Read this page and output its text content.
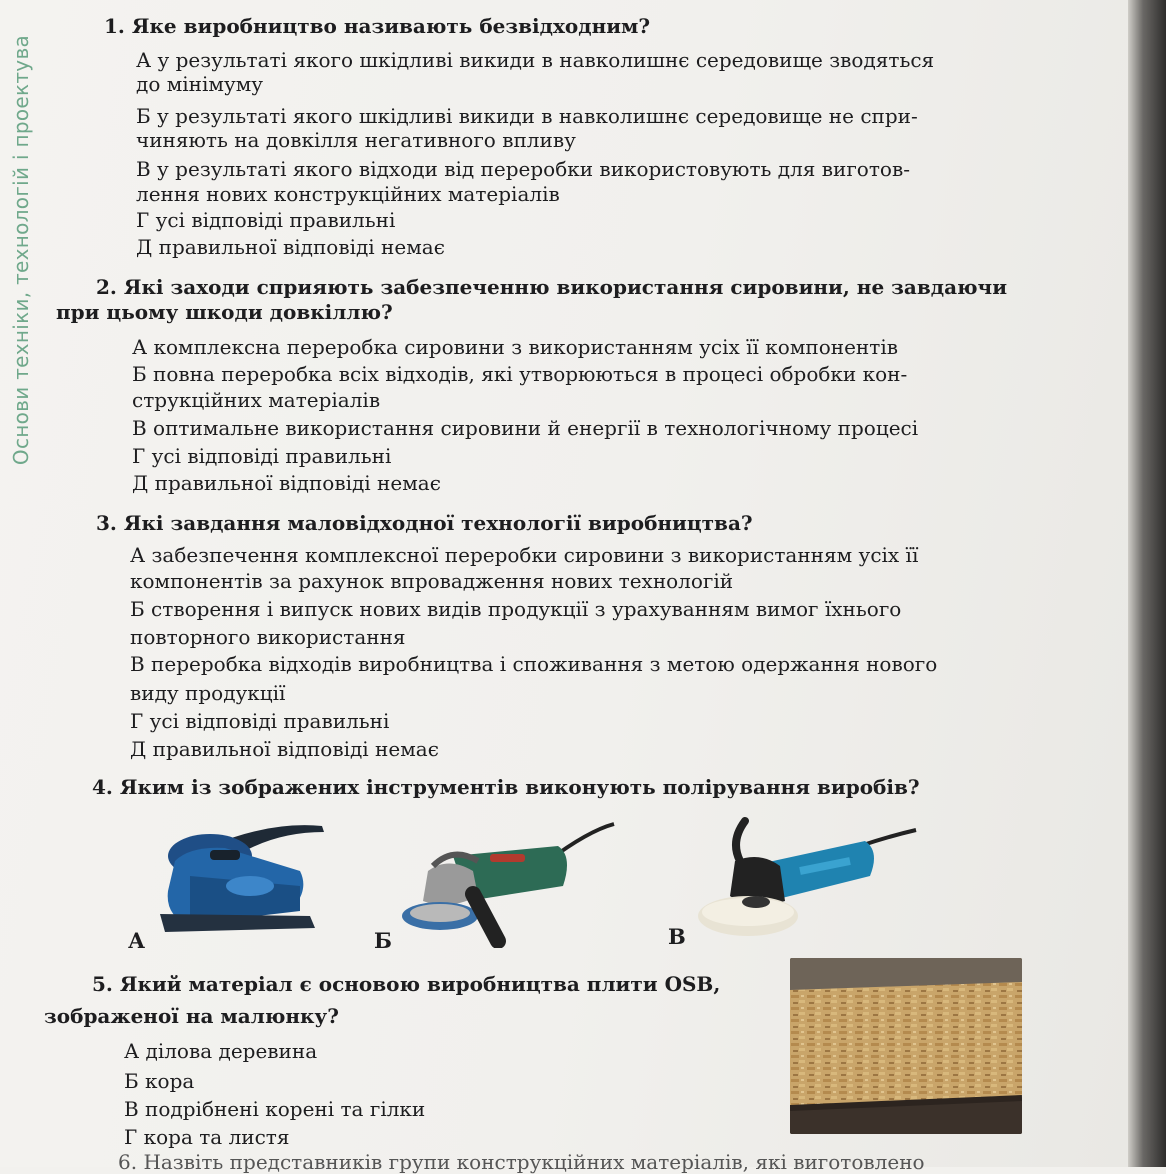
Основи техніки, технологій і проектува
1. Яке виробництво називають безвідходним?
А у результаті якого шкідливі викиди в навколишнє середовище зводяться
до мінімуму
Б у результаті якого шкідливі викиди в навколишнє середовище не спри-
чиняють на довкілля негативного впливу
В у результаті якого відходи від переробки використовують для виготов-
лення нових конструкційних матеріалів
Г усі відповіді правильні
Д правильної відповіді немає
2. Які заходи сприяють забезпеченню використання сировини, не завдаючи
при цьому шкоди довкіллю?
А комплексна переробка сировини з використанням усіх її компонентів
Б повна переробка всіх відходів, які утворюються в процесі обробки кон-
струкційних матеріалів
В оптимальне використання сировини й енергії в технологічному процесі
Г усі відповіді правильні
Д правильної відповіді немає
3. Які завдання маловідходної технології виробництва?
А забезпечення комплексної переробки сировини з використанням усіх її
компонентів за рахунок впровадження нових технологій
Б створення і випуск нових видів продукції з урахуванням вимог їхнього
повторного використання
В переробка відходів виробництва і споживання з метою одержання нового
виду продукції
Г усі відповіді правильні
Д правильної відповіді немає
4. Яким із зображених інструментів виконують полірування виробів?
А	Б	В
5. Який матеріал є основою виробництва плити OSB,
зображеної на малюнку?
А ділова деревина
Б кора
В подрібнені корені та гілки
Г кора та листя
6. Назвіть представників групи конструкційних матеріалів, які виготовлено
